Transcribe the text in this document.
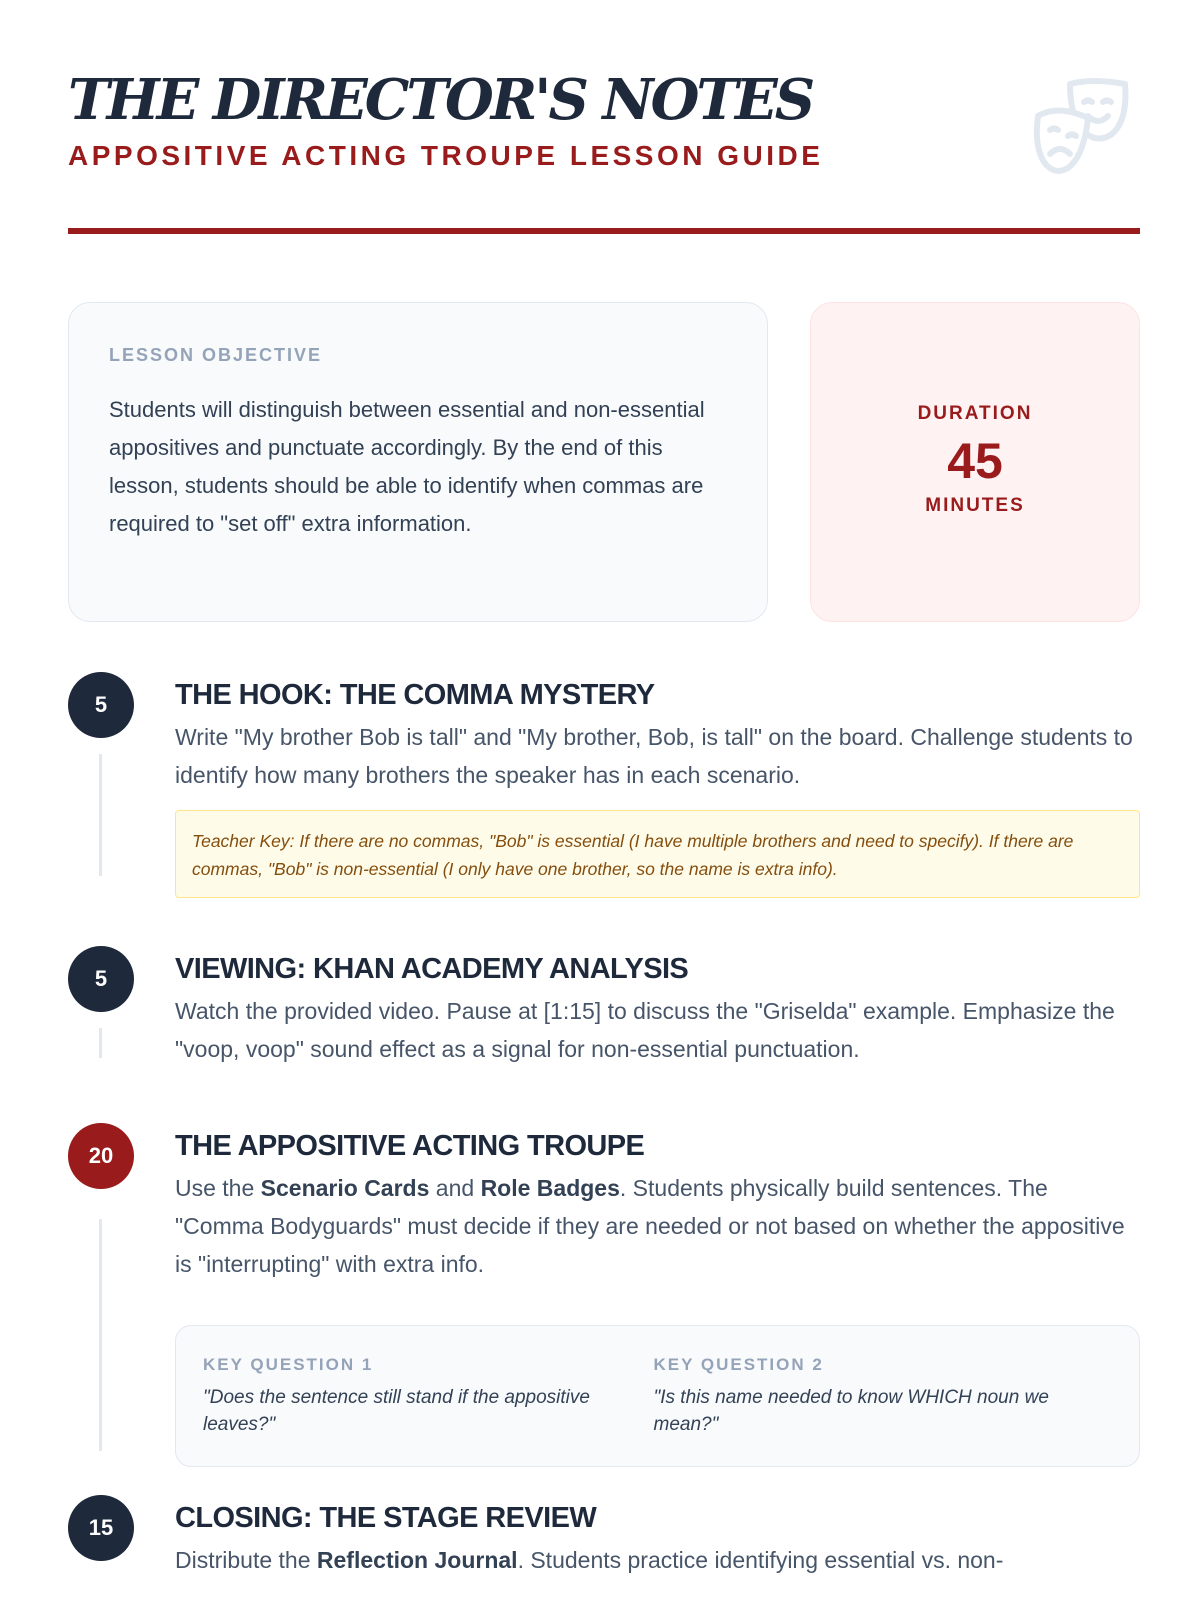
THE DIRECTOR'S NOTES
APPOSITIVE ACTING TROUPE LESSON GUIDE
LESSON OBJECTIVE

Students will distinguish between essential and non-essential appositives and punctuate accordingly. By the end of this lesson, students should be able to identify when commas are required to "set off" extra information.

DURATION
45
MINUTES
5	THE HOOK: THE COMMA MYSTERY

Write "My brother Bob is tall" and "My brother, Bob, is tall" on the board. Challenge students to identify how many brothers the speaker has in each scenario.

Teacher Key: If there are no commas, "Bob" is essential (I have multiple brothers and need to specify). If there are commas, "Bob" is non-essential (I only have one brother, so the name is extra info).
5	VIEWING: KHAN ACADEMY ANALYSIS

Watch the provided video. Pause at [1:15] to discuss the "Griselda" example. Emphasize the "voop, voop" sound effect as a signal for non-essential punctuation.

20	THE APPOSITIVE ACTING TROUPE

Use the Scenario Cards and Role Badges. Students physically build sentences. The "Comma Bodyguards" must decide if they are needed or not based on whether the appositive is "interrupting" with extra info.

KEY QUESTION 1
"Does the sentence still stand if the appositive leaves?"
KEY QUESTION 2
"Is this name needed to know WHICH noun we mean?"
15	CLOSING: THE STAGE REVIEW

Distribute the Reflection Journal. Students practice identifying essential vs. non-
